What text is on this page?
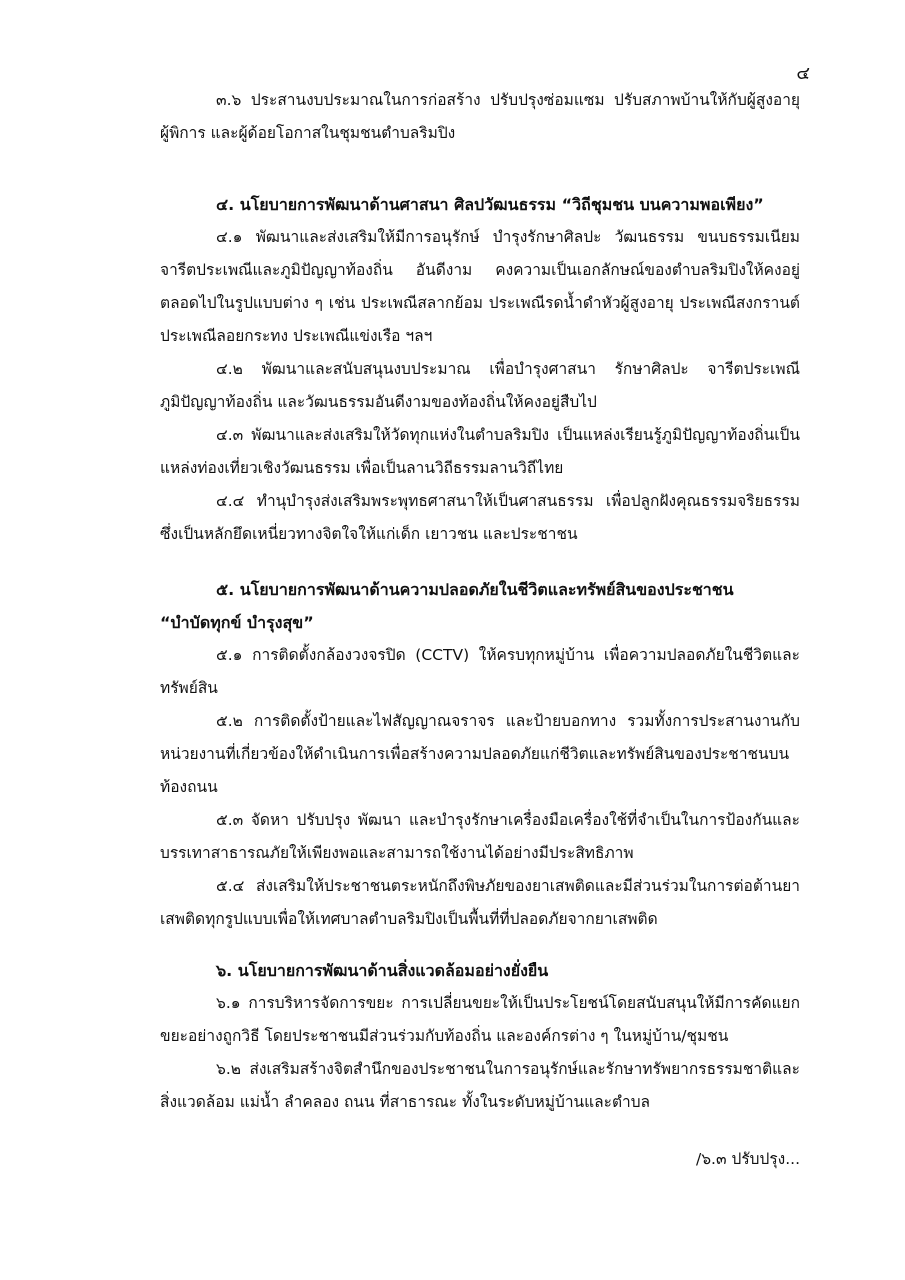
๔

๓.๖ ประสานงบประมาณในการก่อสร้าง ปรับปรุงซ่อมแซม ปรับสภาพบ้านให้กับผู้สูงอายุ ผู้พิการ และผู้ด้อยโอกาสในชุมชนตำบลริมปิง

๔. นโยบายการพัฒนาด้านศาสนา ศิลปวัฒนธรรม “วิถีชุมชน บนความพอเพียง”

๔.๑ พัฒนาและส่งเสริมให้มีการอนุรักษ์ บำรุงรักษาศิลปะ วัฒนธรรม ขนบธรรมเนียม จารีตประเพณีและภูมิปัญญาท้องถิ่น อันดีงาม คงความเป็นเอกลักษณ์ของตำบลริมปิงให้คงอยู่ตลอดไปในรูปแบบต่าง ๆ เช่น ประเพณีสลากย้อม ประเพณีรดน้ำดำหัวผู้สูงอายุ ประเพณีสงกรานต์ ประเพณีลอยกระทง ประเพณีแข่งเรือ ฯลฯ

๔.๒ พัฒนาและสนับสนุนงบประมาณ เพื่อบำรุงศาสนา รักษาศิลปะ จารีตประเพณีภูมิปัญญาท้องถิ่น และวัฒนธรรมอันดีงามของท้องถิ่นให้คงอยู่สืบไป

๔.๓ พัฒนาและส่งเสริมให้วัดทุกแห่งในตำบลริมปิง เป็นแหล่งเรียนรู้ภูมิปัญญาท้องถิ่นเป็นแหล่งท่องเที่ยวเชิงวัฒนธรรม เพื่อเป็นลานวิถีธรรมลานวิถีไทย

๔.๔ ทำนุบำรุงส่งเสริมพระพุทธศาสนาให้เป็นศาสนธรรม เพื่อปลูกฝังคุณธรรมจริยธรรมซึ่งเป็นหลักยึดเหนี่ยวทางจิตใจให้แก่เด็ก เยาวชน และประชาชน

๕. นโยบายการพัฒนาด้านความปลอดภัยในชีวิตและทรัพย์สินของประชาชน

“บำบัดทุกข์ บำรุงสุข”

๕.๑ การติดตั้งกล้องวงจรปิด (CCTV) ให้ครบทุกหมู่บ้าน เพื่อความปลอดภัยในชีวิตและทรัพย์สิน

๕.๒ การติดตั้งป้ายและไฟสัญญาณจราจร และป้ายบอกทาง รวมทั้งการประสานงานกับหน่วยงานที่เกี่ยวข้องให้ดำเนินการเพื่อสร้างความปลอดภัยแก่ชีวิตและทรัพย์สินของประชาชนบนท้องถนน

๕.๓ จัดหา ปรับปรุง พัฒนา และบำรุงรักษาเครื่องมือเครื่องใช้ที่จำเป็นในการป้องกันและบรรเทาสาธารณภัยให้เพียงพอและสามารถใช้งานได้อย่างมีประสิทธิภาพ

๕.๔ ส่งเสริมให้ประชาชนตระหนักถึงพิษภัยของยาเสพติดและมีส่วนร่วมในการต่อต้านยาเสพติดทุกรูปแบบเพื่อให้เทศบาลตำบลริมปิงเป็นพื้นที่ที่ปลอดภัยจากยาเสพติด

๖. นโยบายการพัฒนาด้านสิ่งแวดล้อมอย่างยั่งยืน

๖.๑ การบริหารจัดการขยะ การเปลี่ยนขยะให้เป็นประโยชน์โดยสนับสนุนให้มีการคัดแยกขยะอย่างถูกวิธี โดยประชาชนมีส่วนร่วมกับท้องถิ่น และองค์กรต่าง ๆ ในหมู่บ้าน/ชุมชน

๖.๒ ส่งเสริมสร้างจิตสำนึกของประชาชนในการอนุรักษ์และรักษาทรัพยากรธรรมชาติและสิ่งแวดล้อม แม่น้ำ ลำคลอง ถนน ที่สาธารณะ ทั้งในระดับหมู่บ้านและตำบล

/๖.๓ ปรับปรุง...
